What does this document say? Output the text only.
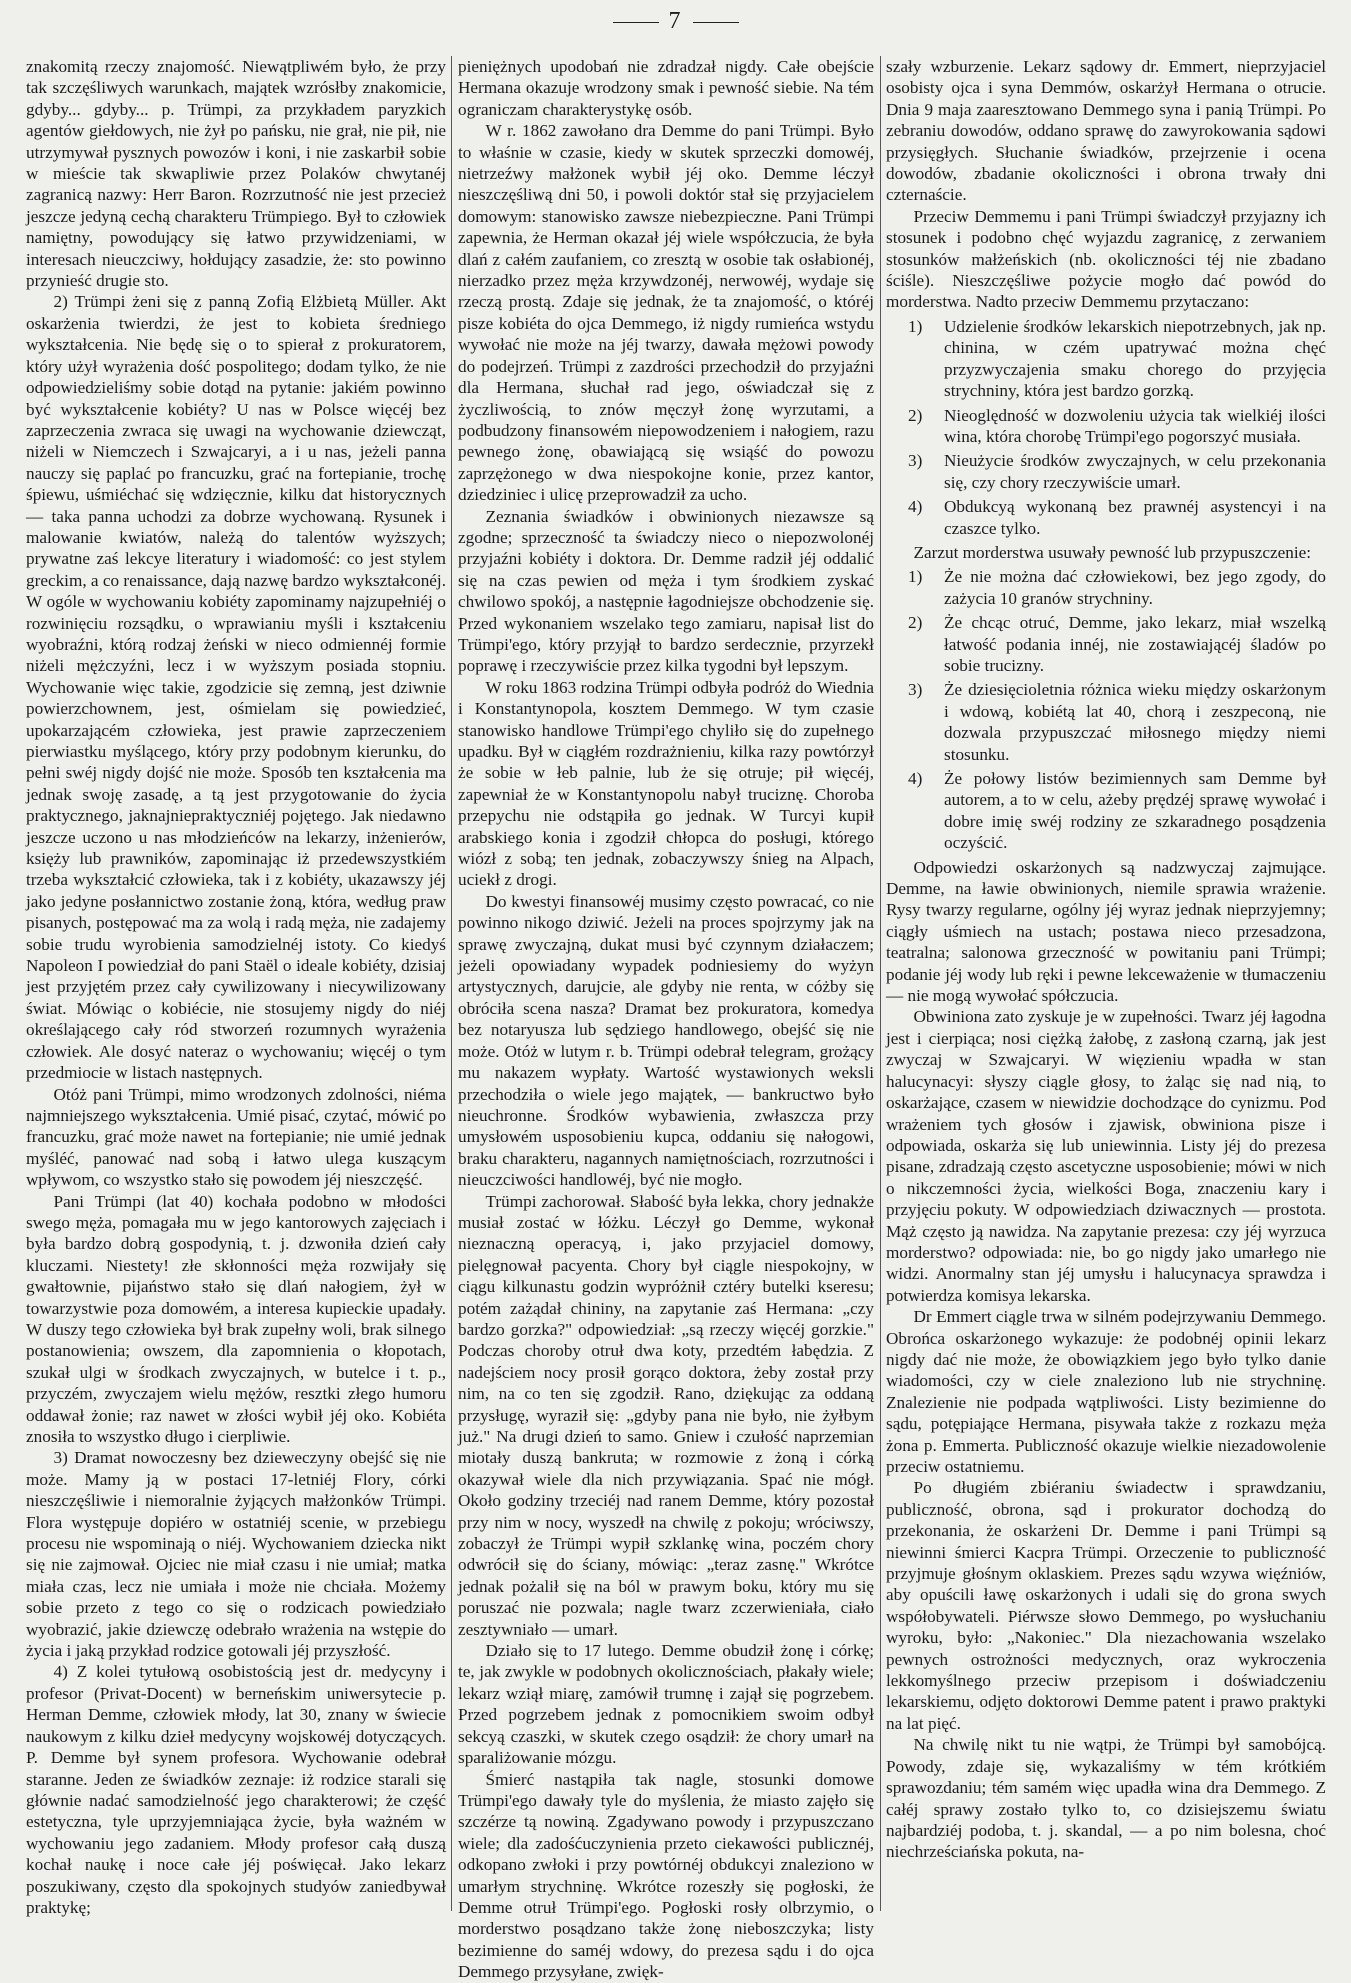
7

znakomitą rzeczy znajomość. Niewątpliwém było, że przy tak szczęśliwych warunkach, majątek wzrósłby znakomicie, gdyby... gdyby... p. Trümpi, za przykładem paryzkich agentów giełdowych, nie żył po pańsku, nie grał, nie pił, nie utrzymywał pysznych powozów i koni, i nie zaskarbił sobie w mieście tak skwapliwie przez Polaków chwytanéj zagranicą nazwy: Herr Baron. Rozrzutność nie jest przecież jeszcze jedyną cechą charakteru Trümpiego. Był to człowiek namiętny, powodujący się łatwo przywidzeniami, w interesach nieuczciwy, hołdujący zasadzie, że: sto powinno przynieść drugie sto.

2) Trümpi żeni się z panną Zofią Elżbietą Müller. Akt oskarżenia twierdzi, że jest to kobieta średniego wykształcenia. Nie będę się o to spierał z prokuratorem, który użył wyrażenia dość pospolitego; dodam tylko, że nie odpowiedzieliśmy sobie dotąd na pytanie: jakiém powinno być wykształcenie kobiéty? U nas w Polsce więcéj bez zaprzeczenia zwraca się uwagi na wychowanie dziewcząt, niżeli w Niemczech i Szwajcaryi, a i u nas, jeżeli panna nauczy się paplać po francuzku, grać na fortepianie, trochę śpiewu, uśmiéchać się wdzięcznie, kilku dat historycznych — taka panna uchodzi za dobrze wychowaną. Rysunek i malowanie kwiatów, należą do talentów wyższych; prywatne zaś lekcye literatury i wiadomość: co jest stylem greckim, a co renaissance, dają nazwę bardzo wykształconéj. W ogóle w wychowaniu kobiéty zapominamy najzupełniéj o rozwinięciu rozsądku, o wprawianiu myśli i kształceniu wyobraźni, którą rodzaj żeński w nieco odmiennéj formie niżeli mężczyźni, lecz i w wyższym posiada stopniu. Wychowanie więc takie, zgodzicie się zemną, jest dziwnie powierzchownem, jest, ośmielam się powiedzieć, upokarzającém człowieka, jest prawie zaprzeczeniem pierwiastku myślącego, który przy podobnym kierunku, do pełni swéj nigdy dojść nie może. Sposób ten kształcenia ma jednak swoję zasadę, a tą jest przygotowanie do życia praktycznego, jaknajniepraktyczniéj pojętego. Jak niedawno jeszcze uczono u nas młodzieńców na lekarzy, inżenierów, księży lub prawników, zapominając iż przedewszystkiém trzeba wykształcić człowieka, tak i z kobiéty, ukazawszy jéj jako jedyne posłannictwo zostanie żoną, która, według praw pisanych, postępować ma za wolą i radą męża, nie zadajemy sobie trudu wyrobienia samodzielnéj istoty. Co kiedyś Napoleon I powiedział do pani Staël o ideale kobiéty, dzisiaj jest przyjętém przez cały cywilizowany i niecywilizowany świat. Mówiąc o kobiécie, nie stosujemy nigdy do niéj określającego cały ród stworzeń rozumnych wyrażenia człowiek. Ale dosyć nateraz o wychowaniu; więcéj o tym przedmiocie w listach następnych.

Otóż pani Trümpi, mimo wrodzonych zdolności, niéma najmniejszego wykształcenia. Umié pisać, czytać, mówić po francuzku, grać może nawet na fortepianie; nie umié jednak myśléć, panować nad sobą i łatwo ulega kuszącym wpływom, co wszystko stało się powodem jéj nieszczęść.

Pani Trümpi (lat 40) kochała podobno w młodości swego męża, pomagała mu w jego kantorowych zajęciach i była bardzo dobrą gospodynią, t. j. dzwoniła dzień cały kluczami. Niestety! złe skłonności męża rozwijały się gwałtownie, pijaństwo stało się dlań nałogiem, żył w towarzystwie poza domowém, a interesa kupieckie upadały. W duszy tego człowieka był brak zupełny woli, brak silnego postanowienia; owszem, dla zapomnienia o kłopotach, szukał ulgi w środkach zwyczajnych, w butelce i t. p., przyczém, zwyczajem wielu mężów, resztki złego humoru oddawał żonie; raz nawet w złości wybił jéj oko. Kobiéta znosiła to wszystko długo i cierpliwie.

3) Dramat nowoczesny bez dzieweczyny obejść się nie może. Mamy ją w postaci 17-letniéj Flory, córki nieszczęśliwie i niemoralnie żyjących małżonków Trümpi. Flora występuje dopiéro w ostatniéj scenie, w przebiegu procesu nie wspominają o niéj. Wychowaniem dziecka nikt się nie zajmował. Ojciec nie miał czasu i nie umiał; matka miała czas, lecz nie umiała i może nie chciała. Możemy sobie przeto z tego co się o rodzicach powiedziało wyobrazić, jakie dziewczę odebrało wrażenia na wstępie do życia i jaką przykład rodzice gotowali jéj przyszłość.

4) Z kolei tytułową osobistością jest dr. medycyny i profesor (Privat-Docent) w berneńskim uniwersytecie p. Herman Demme, człowiek młody, lat 30, znany w świecie naukowym z kilku dzieł medycyny wojskowéj dotyczących. P. Demme był synem profesora. Wychowanie odebrał staranne. Jeden ze świadków zeznaje: iż rodzice starali się głównie nadać samodzielność jego charakterowi; że część estetyczna, tyle uprzyjemniająca życie, była ważném w wychowaniu jego zadaniem. Młody profesor całą duszą kochał naukę i noce całe jéj poświęcał. Jako lekarz poszukiwany, często dla spokojnych studyów zaniedbywał praktykę;

pieniężnych upodobań nie zdradzał nigdy. Całe obejście Hermana okazuje wrodzony smak i pewność siebie. Na tém ograniczam charakterystykę osób.

W r. 1862 zawołano dra Demme do pani Trümpi. Było to właśnie w czasie, kiedy w skutek sprzeczki domowéj, nietrzeźwy małżonek wybił jéj oko. Demme léczył nieszczęśliwą dni 50, i powoli doktór stał się przyjacielem domowym: stanowisko zawsze niebezpieczne. Pani Trümpi zapewnia, że Herman okazał jéj wiele współczucia, że była dlań z całém zaufaniem, co zresztą w osobie tak osłabionéj, nierzadko przez męża krzywdzonéj, nerwowéj, wydaje się rzeczą prostą. Zdaje się jednak, że ta znajomość, o któréj pisze kobiéta do ojca Demmego, iż nigdy rumieńca wstydu wywołać nie może na jéj twarzy, dawała mężowi powody do podejrzeń. Trümpi z zazdrości przechodził do przyjaźni dla Hermana, słuchał rad jego, oświadczał się z życzliwością, to znów męczył żonę wyrzutami, a podbudzony finansowém niepowodzeniem i nałogiem, razu pewnego żonę, obawiającą się wsiąść do powozu zaprzężonego w dwa niespokojne konie, przez kantor, dziedziniec i ulicę przeprowadził za ucho.

Zeznania świadków i obwinionych niezawsze są zgodne; sprzeczność ta świadczy nieco o niepozwolonéj przyjaźni kobiéty i doktora. Dr. Demme radził jéj oddalić się na czas pewien od męża i tym środkiem zyskać chwilowo spokój, a następnie łagodniejsze obchodzenie się. Przed wykonaniem wszelako tego zamiaru, napisał list do Trümpi'ego, który przyjął to bardzo serdecznie, przyrzekł poprawę i rzeczywiście przez kilka tygodni był lepszym.

W roku 1863 rodzina Trümpi odbyła podróż do Wiednia i Konstantynopola, kosztem Demmego. W tym czasie stanowisko handlowe Trümpi'ego chyliło się do zupełnego upadku. Był w ciągłém rozdrażnieniu, kilka razy powtórzył że sobie w łeb palnie, lub że się otruje; pił więcéj, zapewniał że w Konstantynopolu nabył truciznę. Choroba przepychu nie odstąpiła go jednak. W Turcyi kupił arabskiego konia i zgodził chłopca do posługi, którego wiózł z sobą; ten jednak, zobaczywszy śnieg na Alpach, uciekł z drogi.

Do kwestyi finansowéj musimy często powracać, co nie powinno nikogo dziwić. Jeżeli na proces spojrzymy jak na sprawę zwyczajną, dukat musi być czynnym działaczem; jeżeli opowiadany wypadek podniesiemy do wyżyn artystycznych, darujcie, ale gdyby nie renta, w cóżby się obróciła scena nasza? Dramat bez prokuratora, komedya bez notaryusza lub sędziego handlowego, obejść się nie może. Otóż w lutym r. b. Trümpi odebrał telegram, grożący mu nakazem wypłaty. Wartość wystawionych weksli przechodziła o wiele jego majątek, — bankructwo było nieuchronne. Środków wybawienia, zwłaszcza przy umysłowém usposobieniu kupca, oddaniu się nałogowi, braku charakteru, nagannych namiętnościach, rozrzutności i nieuczciwości handlowéj, być nie mogło.

Trümpi zachorował. Słabość była lekka, chory jednakże musiał zostać w łóżku. Léczył go Demme, wykonał nieznaczną operacyą, i, jako przyjaciel domowy, pielęgnował pacyenta. Chory był ciągle niespokojny, w ciągu kilkunastu godzin wypróżnił cztéry butelki kseresu; potém zażądał chininy, na zapytanie zaś Hermana: „czy bardzo gorzka?" odpowiedział: „są rzeczy więcéj gorzkie." Podczas choroby otruł dwa koty, przedtém łabędzia. Z nadejściem nocy prosił gorąco doktora, żeby został przy nim, na co ten się zgodził. Rano, dziękując za oddaną przysługę, wyraził się: „gdyby pana nie było, nie żyłbym już." Na drugi dzień to samo. Gniew i czułość naprzemian miotały duszą bankruta; w rozmowie z żoną i córką okazywał wiele dla nich przywiązania. Spać nie mógł. Około godziny trzeciéj nad ranem Demme, który pozostał przy nim w nocy, wyszedł na chwilę z pokoju; wróciwszy, zobaczył że Trümpi wypił szklankę wina, poczém chory odwrócił się do ściany, mówiąc: „teraz zasnę." Wkrótce jednak pożalił się na ból w prawym boku, który mu się poruszać nie pozwala; nagle twarz zczerwieniała, ciało zesztywniało — umarł.

Działo się to 17 lutego. Demme obudził żonę i córkę; te, jak zwykle w podobnych okolicznościach, płakały wiele; lekarz wziął miarę, zamówił trumnę i zajął się pogrzebem. Przed pogrzebem jednak z pomocnikiem swoim odbył sekcyą czaszki, w skutek czego osądził: że chory umarł na sparaliżowanie mózgu.

Śmierć nastąpiła tak nagle, stosunki domowe Trümpi'ego dawały tyle do myślenia, że miasto zajęło się szczérze tą nowiną. Zgadywano powody i przypuszczano wiele; dla zadośćuczynienia przeto ciekawości publicznéj, odkopano zwłoki i przy powtórnéj obdukcyi znaleziono w umarłym strychninę. Wkrótce rozeszły się pogłoski, że Demme otruł Trümpi'ego. Pogłoski rosły olbrzymio, o morderstwo posądzano także żonę nieboszczyka; listy bezimienne do saméj wdowy, do prezesa sądu i do ojca Demmego przysyłane, zwięk-

szały wzburzenie. Lekarz sądowy dr. Emmert, nieprzyjaciel osobisty ojca i syna Demmów, oskarżył Hermana o otrucie. Dnia 9 maja zaaresztowano Demmego syna i panią Trümpi. Po zebraniu dowodów, oddano sprawę do zawyrokowania sądowi przysięgłych. Słuchanie świadków, przejrzenie i ocena dowodów, zbadanie okoliczności i obrona trwały dni czternaście.

Przeciw Demmemu i pani Trümpi świadczył przyjazny ich stosunek i podobno chęć wyjazdu zagranicę, z zerwaniem stosunków małżeńskich (nb. okoliczności téj nie zbadano ściśle). Nieszczęśliwe pożycie mogło dać powód do morderstwa. Nadto przeciw Demmemu przytaczano:

1) Udzielenie środków lekarskich niepotrzebnych, jak np. chinina, w czém upatrywać można chęć przyzwyczajenia smaku chorego do przyjęcia strychniny, która jest bardzo gorzką.

2) Nieoględność w dozwoleniu użycia tak wielkiéj ilości wina, która chorobę Trümpi'ego pogorszyć musiała.

3) Nieużycie środków zwyczajnych, w celu przekonania się, czy chory rzeczywiście umarł.

4) Obdukcyą wykonaną bez prawnéj asystencyi i na czaszce tylko.

Zarzut morderstwa usuwały pewność lub przypuszczenie:

1) Że nie można dać człowiekowi, bez jego zgody, do zażycia 10 granów strychniny.

2) Że chcąc otruć, Demme, jako lekarz, miał wszelką łatwość podania innéj, nie zostawiającéj śladów po sobie trucizny.

3) Że dziesięcioletnia różnica wieku między oskarżonym i wdową, kobiétą lat 40, chorą i zeszpeconą, nie dozwala przypuszczać miłosnego między niemi stosunku.

4) Że połowy listów bezimiennych sam Demme był autorem, a to w celu, ażeby prędzéj sprawę wywołać i dobre imię swéj rodziny ze szkaradnego posądzenia oczyścić.

Odpowiedzi oskarżonych są nadzwyczaj zajmujące. Demme, na ławie obwinionych, niemile sprawia wrażenie. Rysy twarzy regularne, ogólny jéj wyraz jednak nieprzyjemny; ciągły uśmiech na ustach; postawa nieco przesadzona, teatralna; salonowa grzeczność w powitaniu pani Trümpi; podanie jéj wody lub ręki i pewne lekceważenie w tłumaczeniu — nie mogą wywołać spółczucia.

Obwiniona zato zyskuje je w zupełności. Twarz jéj łagodna jest i cierpiąca; nosi ciężką żałobę, z zasłoną czarną, jak jest zwyczaj w Szwajcaryi. W więzieniu wpadła w stan halucynacyi: słyszy ciągle głosy, to żaląc się nad nią, to oskarżające, czasem w niewidzie dochodzące do cynizmu. Pod wrażeniem tych głosów i zjawisk, obwiniona pisze i odpowiada, oskarża się lub uniewinnia. Listy jéj do prezesa pisane, zdradzają często ascetyczne usposobienie; mówi w nich o nikczemności życia, wielkości Boga, znaczeniu kary i przyjęciu pokuty. W odpowiedziach dziwacznych — prostota. Mąż często ją nawidza. Na zapytanie prezesa: czy jéj wyrzuca morderstwo? odpowiada: nie, bo go nigdy jako umarłego nie widzi. Anormalny stan jéj umysłu i halucynacya sprawdza i potwierdza komisya lekarska.

Dr Emmert ciągle trwa w silném podejrzywaniu Demmego. Obrońca oskarżonego wykazuje: że podobnéj opinii lekarz nigdy dać nie może, że obowiązkiem jego było tylko danie wiadomości, czy w ciele znaleziono lub nie strychninę. Znalezienie nie podpada wątpliwości. Listy bezimienne do sądu, potępiające Hermana, pisywała także z rozkazu męża żona p. Emmerta. Publiczność okazuje wielkie niezadowolenie przeciw ostatniemu.

Po długiém zbiéraniu świadectw i sprawdzaniu, publiczność, obrona, sąd i prokurator dochodzą do przekonania, że oskarżeni Dr. Demme i pani Trümpi są niewinni śmierci Kacpra Trümpi. Orzeczenie to publiczność przyjmuje głośnym oklaskiem. Prezes sądu wzywa więźniów, aby opuścili ławę oskarżonych i udali się do grona swych współobywateli. Piérwsze słowo Demmego, po wysłuchaniu wyroku, było: „Nakoniec." Dla niezachowania wszelako pewnych ostrożności medycznych, oraz wykroczenia lekkomyślnego przeciw przepisom i doświadczeniu lekarskiemu, odjęto doktorowi Demme patent i prawo praktyki na lat pięć.

Na chwilę nikt tu nie wątpi, że Trümpi był samobójcą. Powody, zdaje się, wykazaliśmy w tém krótkiém sprawozdaniu; tém samém więc upadła wina dra Demmego. Z całéj sprawy zostało tylko to, co dzisiejszemu światu najbardziéj podoba, t. j. skandal, — a po nim bolesna, choć niechrześciańska pokuta, na-
